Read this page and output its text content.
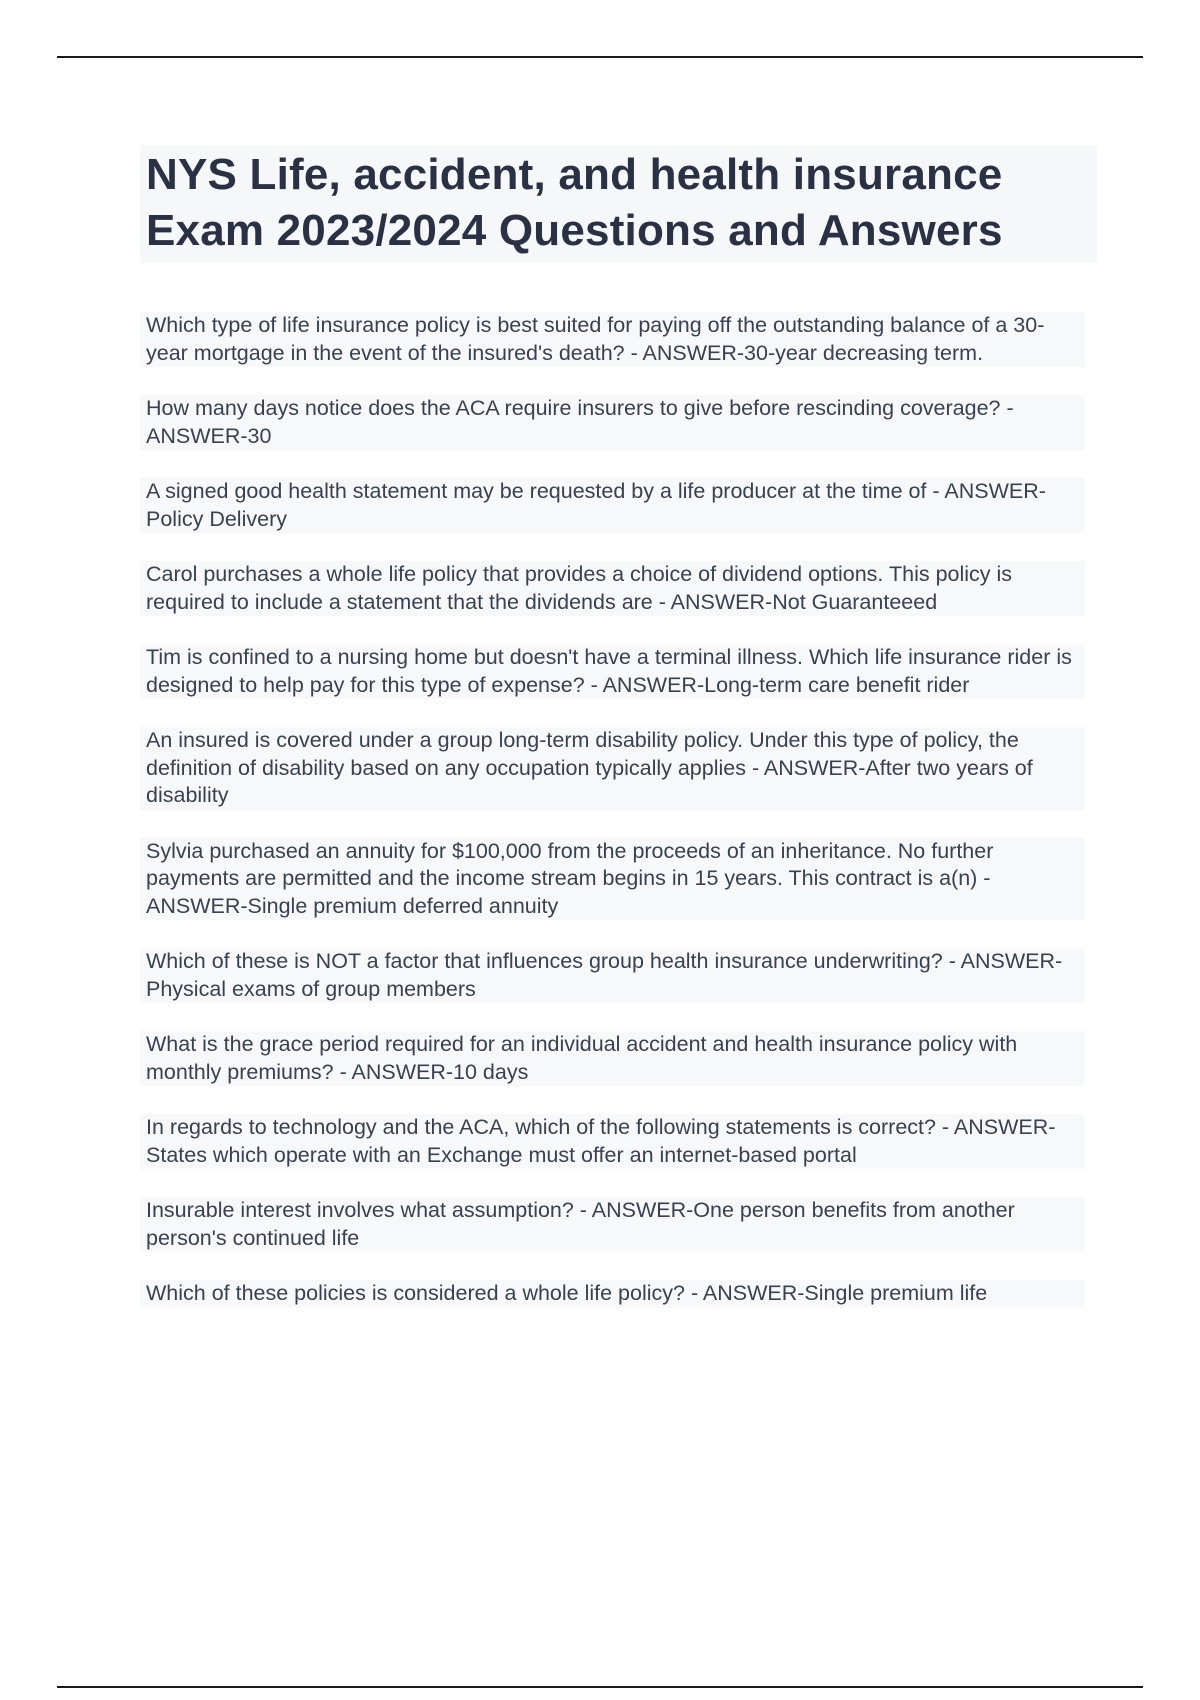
NYS Life, accident, and health insurance
Exam 2023/2024 Questions and Answers
Which type of life insurance policy is best suited for paying off the outstanding balance of a 30-year mortgage in the event of the insured's death? - ANSWER-30-year decreasing term.
How many days notice does the ACA require insurers to give before rescinding coverage? - ANSWER-30
A signed good health statement may be requested by a life producer at the time of - ANSWER-Policy Delivery
Carol purchases a whole life policy that provides a choice of dividend options. This policy is required to include a statement that the dividends are - ANSWER-Not Guaranteeed
Tim is confined to a nursing home but doesn't have a terminal illness. Which life insurance rider is designed to help pay for this type of expense? - ANSWER-Long-term care benefit rider
An insured is covered under a group long-term disability policy. Under this type of policy, the definition of disability based on any occupation typically applies - ANSWER-After two years of disability
Sylvia purchased an annuity for $100,000 from the proceeds of an inheritance. No further payments are permitted and the income stream begins in 15 years. This contract is a(n) - ANSWER-Single premium deferred annuity
Which of these is NOT a factor that influences group health insurance underwriting? - ANSWER-Physical exams of group members
What is the grace period required for an individual accident and health insurance policy with monthly premiums? - ANSWER-10 days
In regards to technology and the ACA, which of the following statements is correct? - ANSWER-States which operate with an Exchange must offer an internet-based portal
Insurable interest involves what assumption? - ANSWER-One person benefits from another person's continued life
Which of these policies is considered a whole life policy? - ANSWER-Single premium life
